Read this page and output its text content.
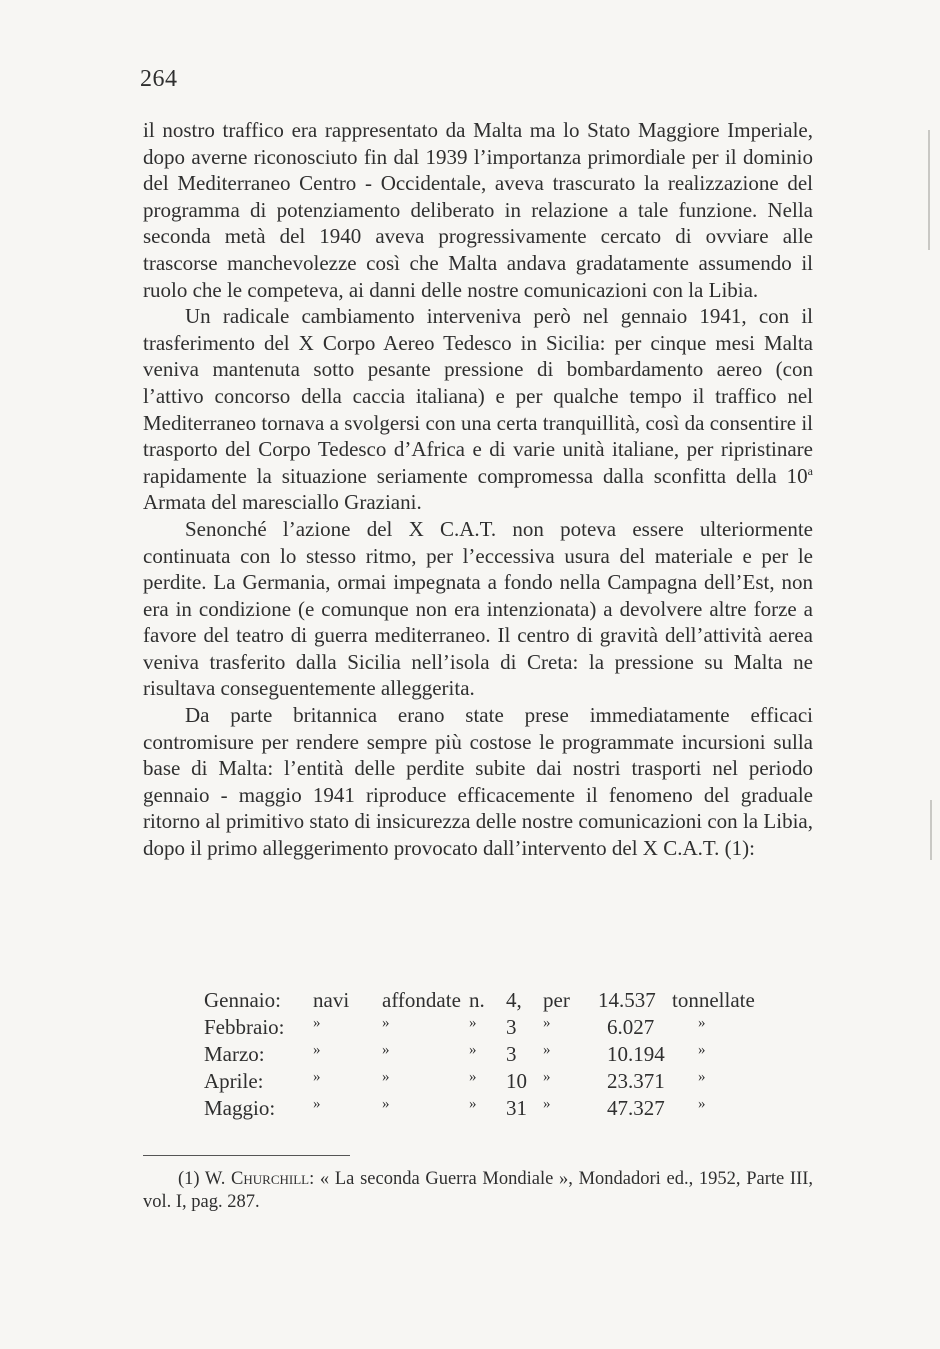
264

il nostro traffico era rappresentato da Malta ma lo Stato Maggiore Imperiale, dopo averne riconosciuto fin dal 1939 l’importanza primordiale per il dominio del Mediterraneo Centro - Occidentale, aveva trascurato la realizzazione del programma di potenziamento deliberato in relazione a tale funzione. Nella seconda metà del 1940 aveva progressivamente cercato di ovviare alle trascorse manchevolezze così che Malta andava gradatamente assumendo il ruolo che le competeva, ai danni delle nostre comunicazioni con la Libia.

Un radicale cambiamento interveniva però nel gennaio 1941, con il trasferimento del X Corpo Aereo Tedesco in Sicilia: per cinque mesi Malta veniva mantenuta sotto pesante pressione di bombardamento aereo (con l’attivo concorso della caccia italiana) e per qualche tempo il traffico nel Mediterraneo tornava a svolgersi con una certa tranquillità, così da consentire il trasporto del Corpo Tedesco d’Africa e di varie unità italiane, per ripristinare rapidamente la situazione seriamente compromessa dalla sconfitta della 10$^a$ Armata del maresciallo Graziani.

Senonché l’azione del X C.A.T. non poteva essere ulteriormente continuata con lo stesso ritmo, per l’eccessiva usura del materiale e per le perdite. La Germania, ormai impegnata a fondo nella Campagna dell’Est, non era in condizione (e comunque non era intenzionata) a devolvere altre forze a favore del teatro di guerra mediterraneo. Il centro di gravità dell’attività aerea veniva trasferito dalla Sicilia nell’isola di Creta: la pressione su Malta ne risultava conseguentemente alleggerita.

Da parte britannica erano state prese immediatamente efficaci contromisure per rendere sempre più costose le programmate incursioni sulla base di Malta: l’entità delle perdite subite dai nostri trasporti nel periodo gennaio - maggio 1941 riproduce efficacemente il fenomeno del graduale ritorno al primitivo stato di insicurezza delle nostre comunicazioni con la Libia, dopo il primo alleggerimento provocato dall’intervento del X C.A.T. (1):

Gennaio: navi affondate n. 4, per 14.537 tonnellate
Febbraio: »	»	» 3 »	6.027	»
Marzo:	»	»	» 3 »	10.194 »
Aprile:	»	»	» 10 »	23.371 »
Maggio:	»	»	» 31 »	47.327 »

(1) W. Churchill: « La seconda Guerra Mondiale », Mondadori ed., 1952, Parte III, vol. I, pag. 287.
